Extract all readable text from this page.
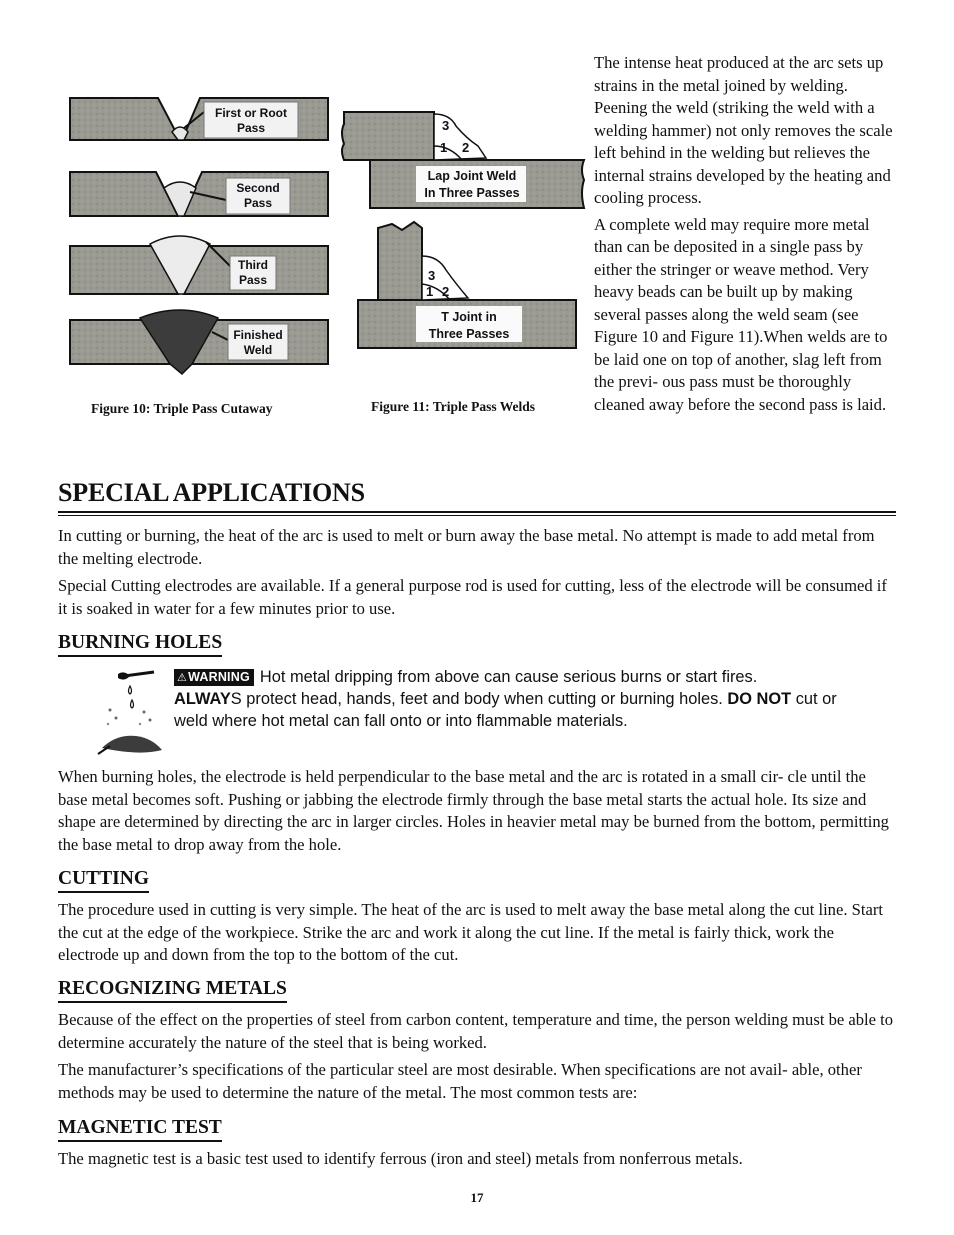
First or Root
Pass
Second
Pass
Third
Pass
Finished
Weld
Figure 10: Triple Pass Cutaway
3
1 2
3
1 2
Lap Joint Weld
In Three Passes
T Joint in
Three Passes
Figure 11: Triple Pass Welds

The intense heat produced at the arc sets up strains in the metal joined by welding. Peening the weld (striking the weld with a welding hammer) not only removes the scale left behind in the welding but relieves the internal strains developed by the heating and cooling process.

A complete weld may require more metal than can be deposited in a single pass by either the stringer or weave method. Very heavy beads can be built up by making several passes along the weld seam (see Figure 10 and Figure 11).When welds are to be laid one on top of another, slag left from the previ- ous pass must be thoroughly cleaned away before the second pass is laid.

SPECIAL APPLICATIONS
In cutting or burning, the heat of the arc is used to melt or burn away the base metal. No attempt is made to add metal from the melting electrode.
Special Cutting electrodes are available. If a general purpose rod is used for cutting, less of the electrode will be consumed if it is soaked in water for a few minutes prior to use.
BURNING HOLES
⚠WARNING Hot metal dripping from above can cause serious burns or start fires.
ALWAYS protect head, hands, feet and body when cutting or burning holes. DO NOT cut or weld where hot metal can fall onto or into flammable materials.
When burning holes, the electrode is held perpendicular to the base metal and the arc is rotated in a small cir- cle until the base metal becomes soft. Pushing or jabbing the electrode firmly through the base metal starts the actual hole. Its size and shape are determined by directing the arc in larger circles. Holes in heavier metal may be burned from the bottom, permitting the base metal to drop away from the hole.
CUTTING
The procedure used in cutting is very simple. The heat of the arc is used to melt away the base metal along the cut line. Start the cut at the edge of the workpiece. Strike the arc and work it along the cut line. If the metal is fairly thick, work the electrode up and down from the top to the bottom of the cut.
RECOGNIZING METALS
Because of the effect on the properties of steel from carbon content, temperature and time, the person welding must be able to determine accurately the nature of the steel that is being worked.
The manufacturer’s specifications of the particular steel are most desirable. When specifications are not avail- able, other methods may be used to determine the nature of the metal. The most common tests are:
MAGNETIC TEST
The magnetic test is a basic test used to identify ferrous (iron and steel) metals from nonferrous metals.
17
